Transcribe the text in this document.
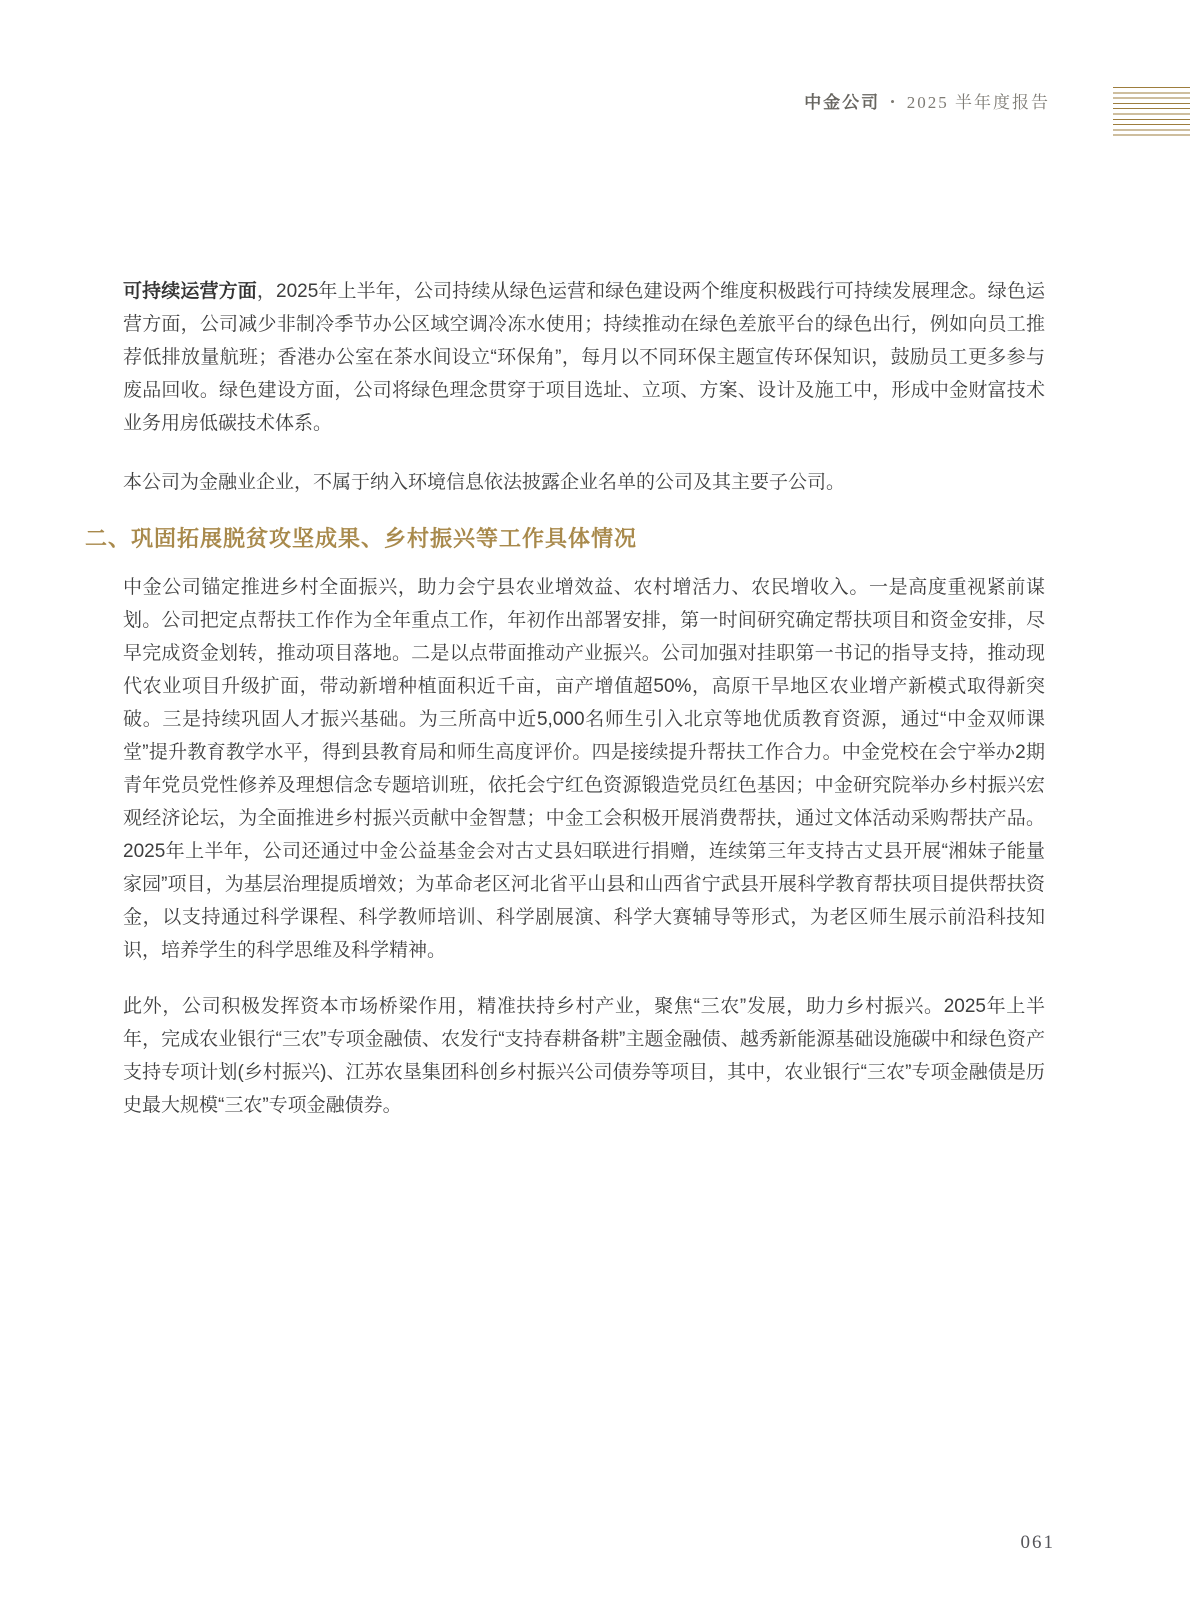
中金公司 • 2025 半年度报告

可持续运营方面，2025年上半年，公司持续从绿色运营和绿色建设两个维度积极践行可持续发展理念。绿色运营方面，公司减少非制冷季节办公区域空调冷冻水使用；持续推动在绿色差旅平台的绿色出行，例如向员工推荐低排放量航班；香港办公室在茶水间设立“环保角”，每月以不同环保主题宣传环保知识，鼓励员工更多参与废品回收。绿色建设方面，公司将绿色理念贯穿于项目选址、立项、方案、设计及施工中，形成中金财富技术业务用房低碳技术体系。

本公司为金融业企业，不属于纳入环境信息依法披露企业名单的公司及其主要子公司。

二、巩固拓展脱贫攻坚成果、乡村振兴等工作具体情况

中金公司锚定推进乡村全面振兴，助力会宁县农业增效益、农村增活力、农民增收入。一是高度重视紧前谋划。公司把定点帮扶工作作为全年重点工作，年初作出部署安排，第一时间研究确定帮扶项目和资金安排，尽早完成资金划转，推动项目落地。二是以点带面推动产业振兴。公司加强对挂职第一书记的指导支持，推动现代农业项目升级扩面，带动新增种植面积近千亩，亩产增值超50%，高原干旱地区农业增产新模式取得新突破。三是持续巩固人才振兴基础。为三所高中近5,000名师生引入北京等地优质教育资源，通过“中金双师课堂”提升教育教学水平，得到县教育局和师生高度评价。四是接续提升帮扶工作合力。中金党校在会宁举办2期青年党员党性修养及理想信念专题培训班，依托会宁红色资源锻造党员红色基因；中金研究院举办乡村振兴宏观经济论坛，为全面推进乡村振兴贡献中金智慧；中金工会积极开展消费帮扶，通过文体活动采购帮扶产品。2025年上半年，公司还通过中金公益基金会对古丈县妇联进行捐赠，连续第三年支持古丈县开展“湘妹子能量家园”项目，为基层治理提质增效；为革命老区河北省平山县和山西省宁武县开展科学教育帮扶项目提供帮扶资金，以支持通过科学课程、科学教师培训、科学剧展演、科学大赛辅导等形式，为老区师生展示前沿科技知识，培养学生的科学思维及科学精神。

此外，公司积极发挥资本市场桥梁作用，精准扶持乡村产业，聚焦“三农”发展，助力乡村振兴。2025年上半年，完成农业银行“三农”专项金融债、农发行“支持春耕备耕”主题金融债、越秀新能源基础设施碳中和绿色资产支持专项计划(乡村振兴)、江苏农垦集团科创乡村振兴公司债券等项目，其中，农业银行“三农”专项金融债是历史最大规模“三农”专项金融债券。

061
